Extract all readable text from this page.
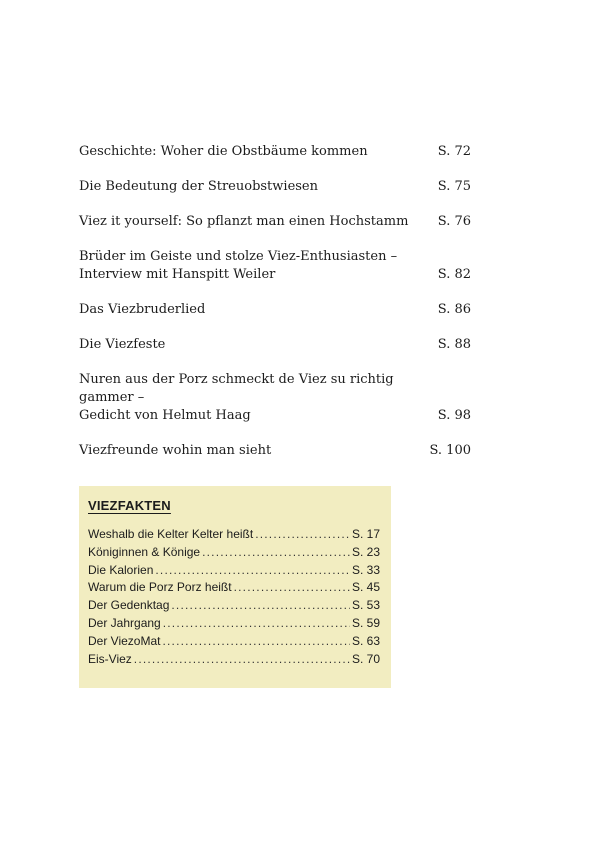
Geschichte: Woher die Obstbäume kommen	S. 72
Die Bedeutung der Streuobstwiesen	S. 75
Viez it yourself: So pflanzt man einen Hochstamm	S. 76
Brüder im Geiste und stolze Viez-Enthusiasten –
Interview mit Hanspitt Weiler	S. 82
Das Viezbruderlied	S. 86
Die Viezfeste	S. 88
Nuren aus der Porz schmeckt de Viez su richtig gammer –
Gedicht von Helmut Haag	S. 98
Viezfreunde wohin man sieht	S. 100
VIEZFAKTEN
Weshalb die Kelter Kelter heißt .....	S. 17
Königinnen & Könige .....	S. 23
Die Kalorien .....	S. 33
Warum die Porz Porz heißt .....	S. 45
Der Gedenktag .....	S. 53
Der Jahrgang .....	S. 59
Der ViezoMat .....	S. 63
Eis-Viez .....	S. 70
